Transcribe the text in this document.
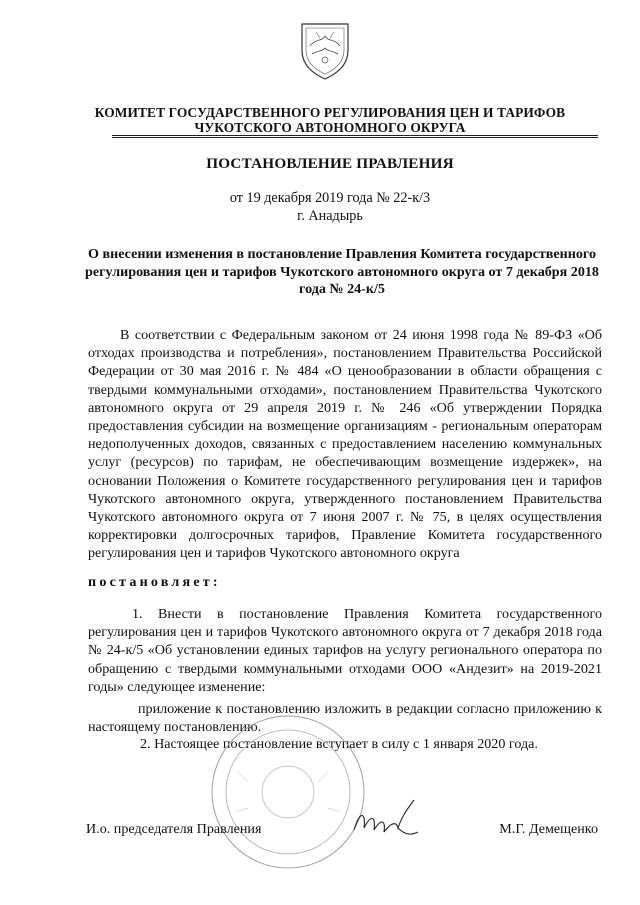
КОМИТЕТ ГОСУДАРСТВЕННОГО РЕГУЛИРОВАНИЯ ЦЕН И ТАРИФОВ
ЧУКОТСКОГО АВТОНОМНОГО ОКРУГА
ПОСТАНОВЛЕНИЕ ПРАВЛЕНИЯ
от 19 декабря 2019 года № 22-к/3
г. Анадырь
О внесении изменения в постановление Правления Комитета государственного регулирования цен и тарифов Чукотского автономного округа от 7 декабря 2018 года № 24-к/5
В соответствии с Федеральным законом от 24 июня 1998 года № 89-ФЗ «Об отходах производства и потребления», постановлением Правительства Российской Федерации от 30 мая 2016 г. № 484 «О ценообразовании в области обращения с твердыми коммунальными отходами», постановлением Правительства Чукотского автономного округа от 29 апреля 2019 г. № 246 «Об утверждении Порядка предоставления субсидии на возмещение организациям - региональным операторам недополученных доходов, связанных с предоставлением населению коммунальных услуг (ресурсов) по тарифам, не обеспечивающим возмещение издержек», на основании Положения о Комитете государственного регулирования цен и тарифов Чукотского автономного округа, утвержденного постановлением Правительства Чукотского автономного округа от 7 июня 2007 г. № 75, в целях осуществления корректировки долгосрочных тарифов, Правление Комитета государственного регулирования цен и тарифов Чукотского автономного округа
постановляет:
1. Внести в постановление Правления Комитета государственного регулирования цен и тарифов Чукотского автономного округа от 7 декабря 2018 года № 24-к/5 «Об установлении единых тарифов на услугу регионального оператора по обращению с твердыми коммунальными отходами ООО «Андезит» на 2019-2021 годы» следующее изменение:
приложение к постановлению изложить в редакции согласно приложению к настоящему постановлению.
2. Настоящее постановление вступает в силу с 1 января 2020 года.
И.о. председателя Правления	М.Г. Демещенко
